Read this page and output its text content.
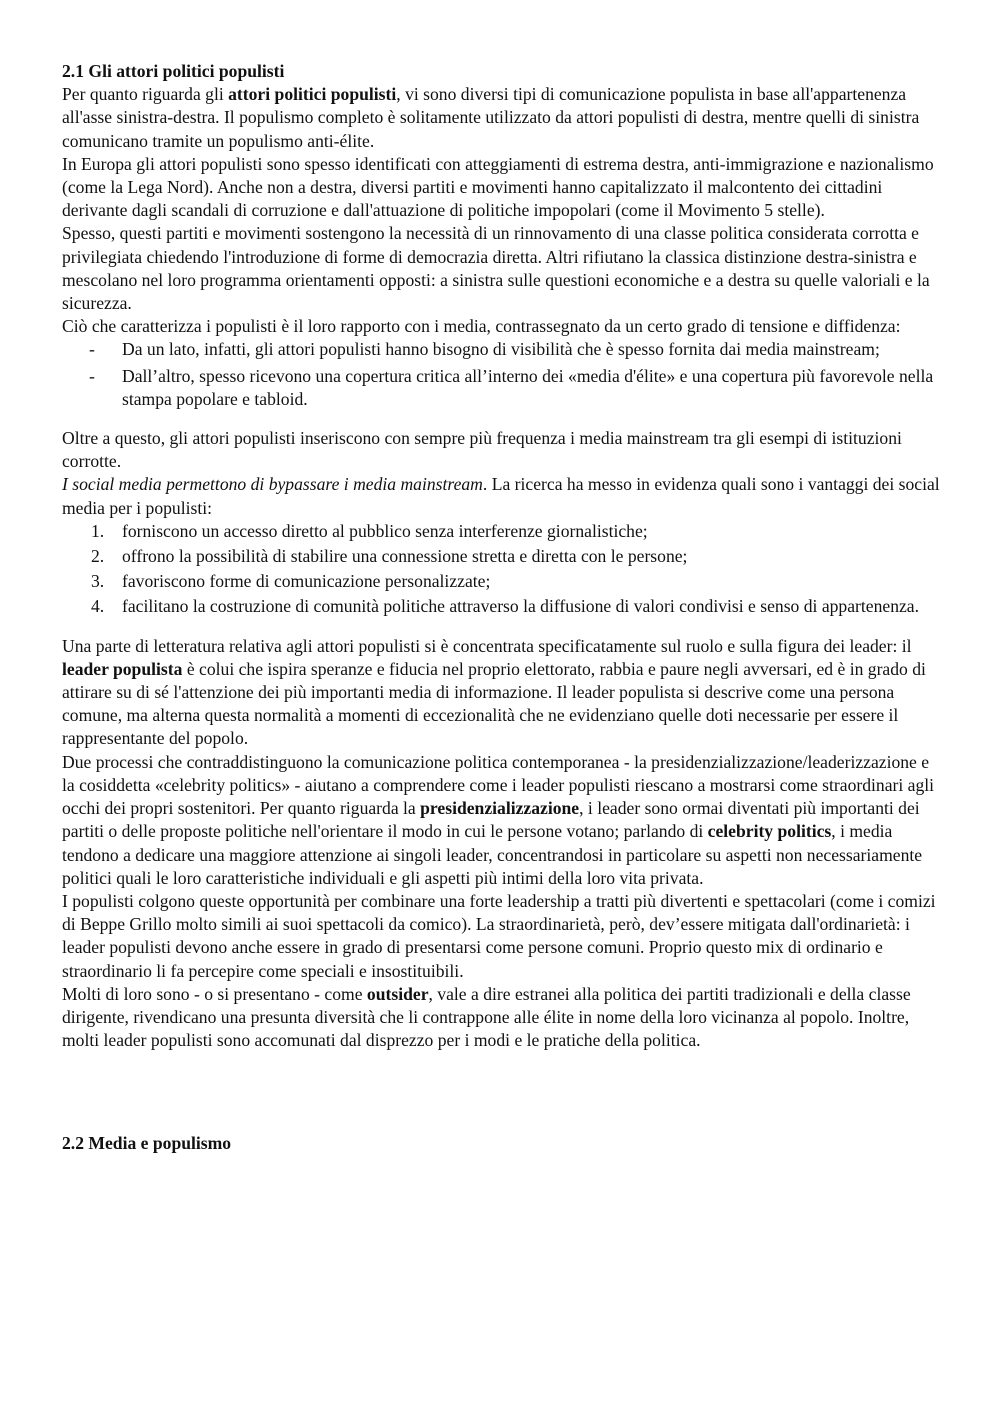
2.1 Gli attori politici populisti

Per quanto riguarda gli attori politici populisti, vi sono diversi tipi di comunicazione populista in base all'appartenenza all'asse sinistra-destra. Il populismo completo è solitamente utilizzato da attori populisti di destra, mentre quelli di sinistra comunicano tramite un populismo anti-élite.

In Europa gli attori populisti sono spesso identificati con atteggiamenti di estrema destra, anti-immigrazione e nazionalismo (come la Lega Nord). Anche non a destra, diversi partiti e movimenti hanno capitalizzato il malcontento dei cittadini derivante dagli scandali di corruzione e dall'attuazione di politiche impopolari (come il Movimento 5 stelle).

Spesso, questi partiti e movimenti sostengono la necessità di un rinnovamento di una classe politica considerata corrotta e privilegiata chiedendo l'introduzione di forme di democrazia diretta. Altri rifiutano la classica distinzione destra-sinistra e mescolano nel loro programma orientamenti opposti: a sinistra sulle questioni economiche e a destra su quelle valoriali e la sicurezza.

Ciò che caratterizza i populisti è il loro rapporto con i media, contrassegnato da un certo grado di tensione e diffidenza:

- Da un lato, infatti, gli attori populisti hanno bisogno di visibilità che è spesso fornita dai media mainstream;
- Dall’altro, spesso ricevono una copertura critica all’interno dei «media d'élite» e una copertura più favorevole nella stampa popolare e tabloid.

Oltre a questo, gli attori populisti inseriscono con sempre più frequenza i media mainstream tra gli esempi di istituzioni corrotte.

I social media permettono di bypassare i media mainstream. La ricerca ha messo in evidenza quali sono i vantaggi dei social media per i populisti:

1. forniscono un accesso diretto al pubblico senza interferenze giornalistiche;
2. offrono la possibilità di stabilire una connessione stretta e diretta con le persone;
3. favoriscono forme di comunicazione personalizzate;
4. facilitano la costruzione di comunità politiche attraverso la diffusione di valori condivisi e senso di appartenenza.

Una parte di letteratura relativa agli attori populisti si è concentrata specificatamente sul ruolo e sulla figura dei leader: il leader populista è colui che ispira speranze e fiducia nel proprio elettorato, rabbia e paure negli avversari, ed è in grado di attirare su di sé l'attenzione dei più importanti media di informazione. Il leader populista si descrive come una persona comune, ma alterna questa normalità a momenti di eccezionalità che ne evidenziano quelle doti necessarie per essere il rappresentante del popolo.

Due processi che contraddistinguono la comunicazione politica contemporanea - la presidenzializzazione/leaderizzazione e la cosiddetta «celebrity politics» - aiutano a comprendere come i leader populisti riescano a mostrarsi come straordinari agli occhi dei propri sostenitori. Per quanto riguarda la presidenzializzazione, i leader sono ormai diventati più importanti dei partiti o delle proposte politiche nell'orientare il modo in cui le persone votano; parlando di celebrity politics, i media tendono a dedicare una maggiore attenzione ai singoli leader, concentrandosi in particolare su aspetti non necessariamente politici quali le loro caratteristiche individuali e gli aspetti più intimi della loro vita privata.

I populisti colgono queste opportunità per combinare una forte leadership a tratti più divertenti e spettacolari (come i comizi di Beppe Grillo molto simili ai suoi spettacoli da comico). La straordinarietà, però, dev’essere mitigata dall'ordinarietà: i leader populisti devono anche essere in grado di presentarsi come persone comuni. Proprio questo mix di ordinario e straordinario li fa percepire come speciali e insostituibili.

Molti di loro sono - o si presentano - come outsider, vale a dire estranei alla politica dei partiti tradizionali e della classe dirigente, rivendicano una presunta diversità che li contrappone alle élite in nome della loro vicinanza al popolo. Inoltre, molti leader populisti sono accomunati dal disprezzo per i modi e le pratiche della politica.

2.2 Media e populismo
